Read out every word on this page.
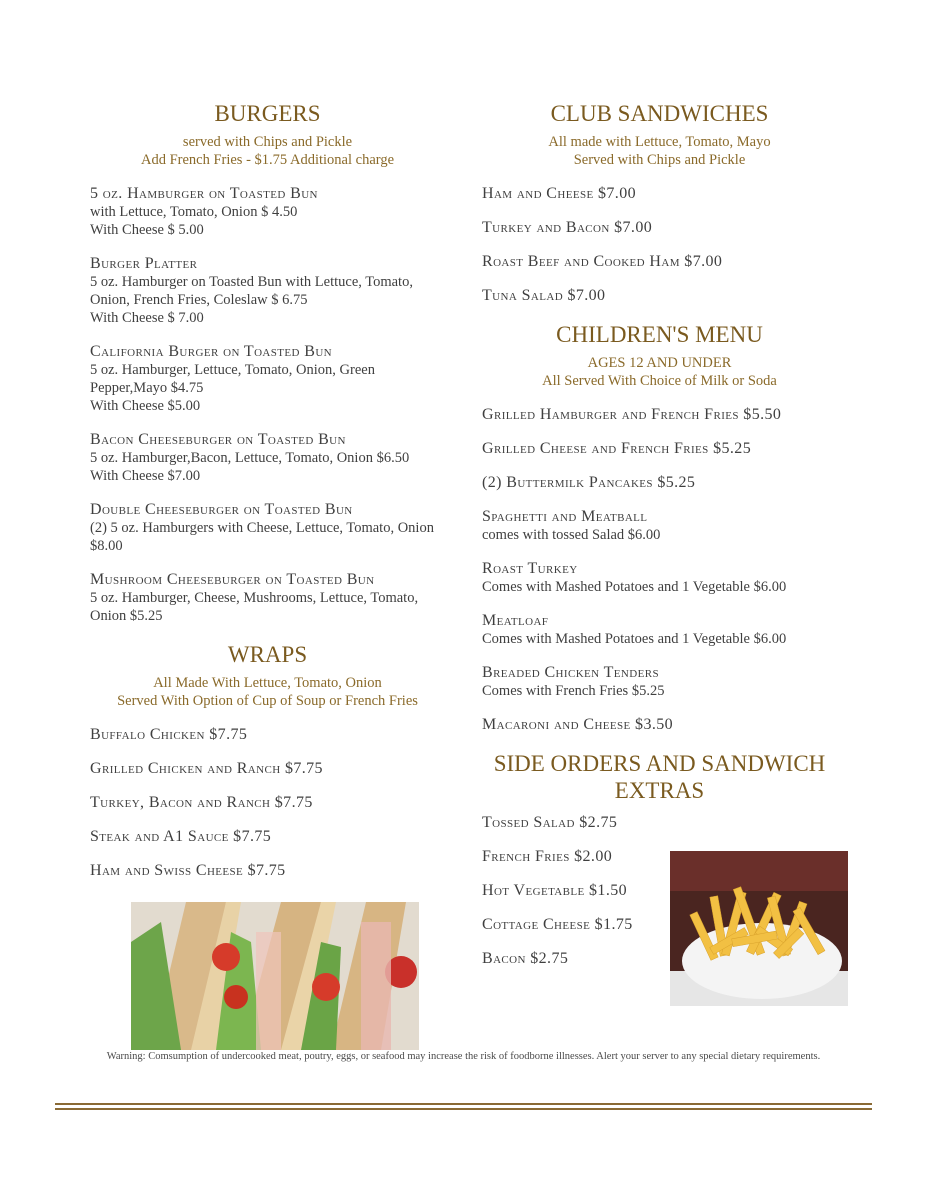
BURGERS

served with Chips and Pickle

Add French Fries - $1.75 Additional charge

5 oz. Hamburger on Toasted Bun
with Lettuce, Tomato, Onion $ 4.50
With Cheese $ 5.00
Burger Platter
5 oz. Hamburger on Toasted Bun with Lettuce, Tomato, Onion, French Fries, Coleslaw $ 6.75
With Cheese $ 7.00
California Burger on Toasted Bun
5 oz. Hamburger, Lettuce, Tomato, Onion, Green Pepper,Mayo $4.75
With Cheese $5.00
Bacon Cheeseburger on Toasted Bun
5 oz. Hamburger,Bacon, Lettuce, Tomato, Onion $6.50
With Cheese $7.00
Double Cheeseburger on Toasted Bun
(2) 5 oz. Hamburgers with Cheese, Lettuce, Tomato, Onion $8.00
Mushroom Cheeseburger on Toasted Bun
5 oz. Hamburger, Cheese, Mushrooms, Lettuce, Tomato, Onion $5.25
WRAPS

All Made With Lettuce, Tomato, Onion

Served With Option of Cup of Soup or French Fries

Buffalo Chicken $7.75
Grilled Chicken and Ranch $7.75
Turkey, Bacon and Ranch $7.75
Steak and A1 Sauce $7.75
Ham and Swiss Cheese $7.75
CLUB SANDWICHES

All made with Lettuce, Tomato, Mayo

Served with Chips and Pickle

Ham and Cheese $7.00
Turkey and Bacon $7.00
Roast Beef and Cooked Ham $7.00
Tuna Salad $7.00
CHILDREN'S MENU

AGES 12 AND UNDER

All Served With Choice of Milk or Soda

Grilled Hamburger and French Fries $5.50
Grilled Cheese and French Fries $5.25
(2) Buttermilk Pancakes $5.25
Spaghetti and Meatball
comes with tossed Salad $6.00
Roast Turkey
Comes with Mashed Potatoes and 1 Vegetable $6.00
Meatloaf
Comes with Mashed Potatoes and 1 Vegetable $6.00
Breaded Chicken Tenders
Comes with French Fries $5.25
Macaroni and Cheese $3.50
SIDE ORDERS AND SANDWICH EXTRAS
Tossed Salad $2.75
French Fries $2.00
Hot Vegetable $1.50
Cottage Cheese $1.75
Bacon $2.75
Warning: Comsumption of undercooked meat, poutry, eggs, or seafood may increase the risk of foodborne illnesses. Alert your server to any special dietary requirements.
